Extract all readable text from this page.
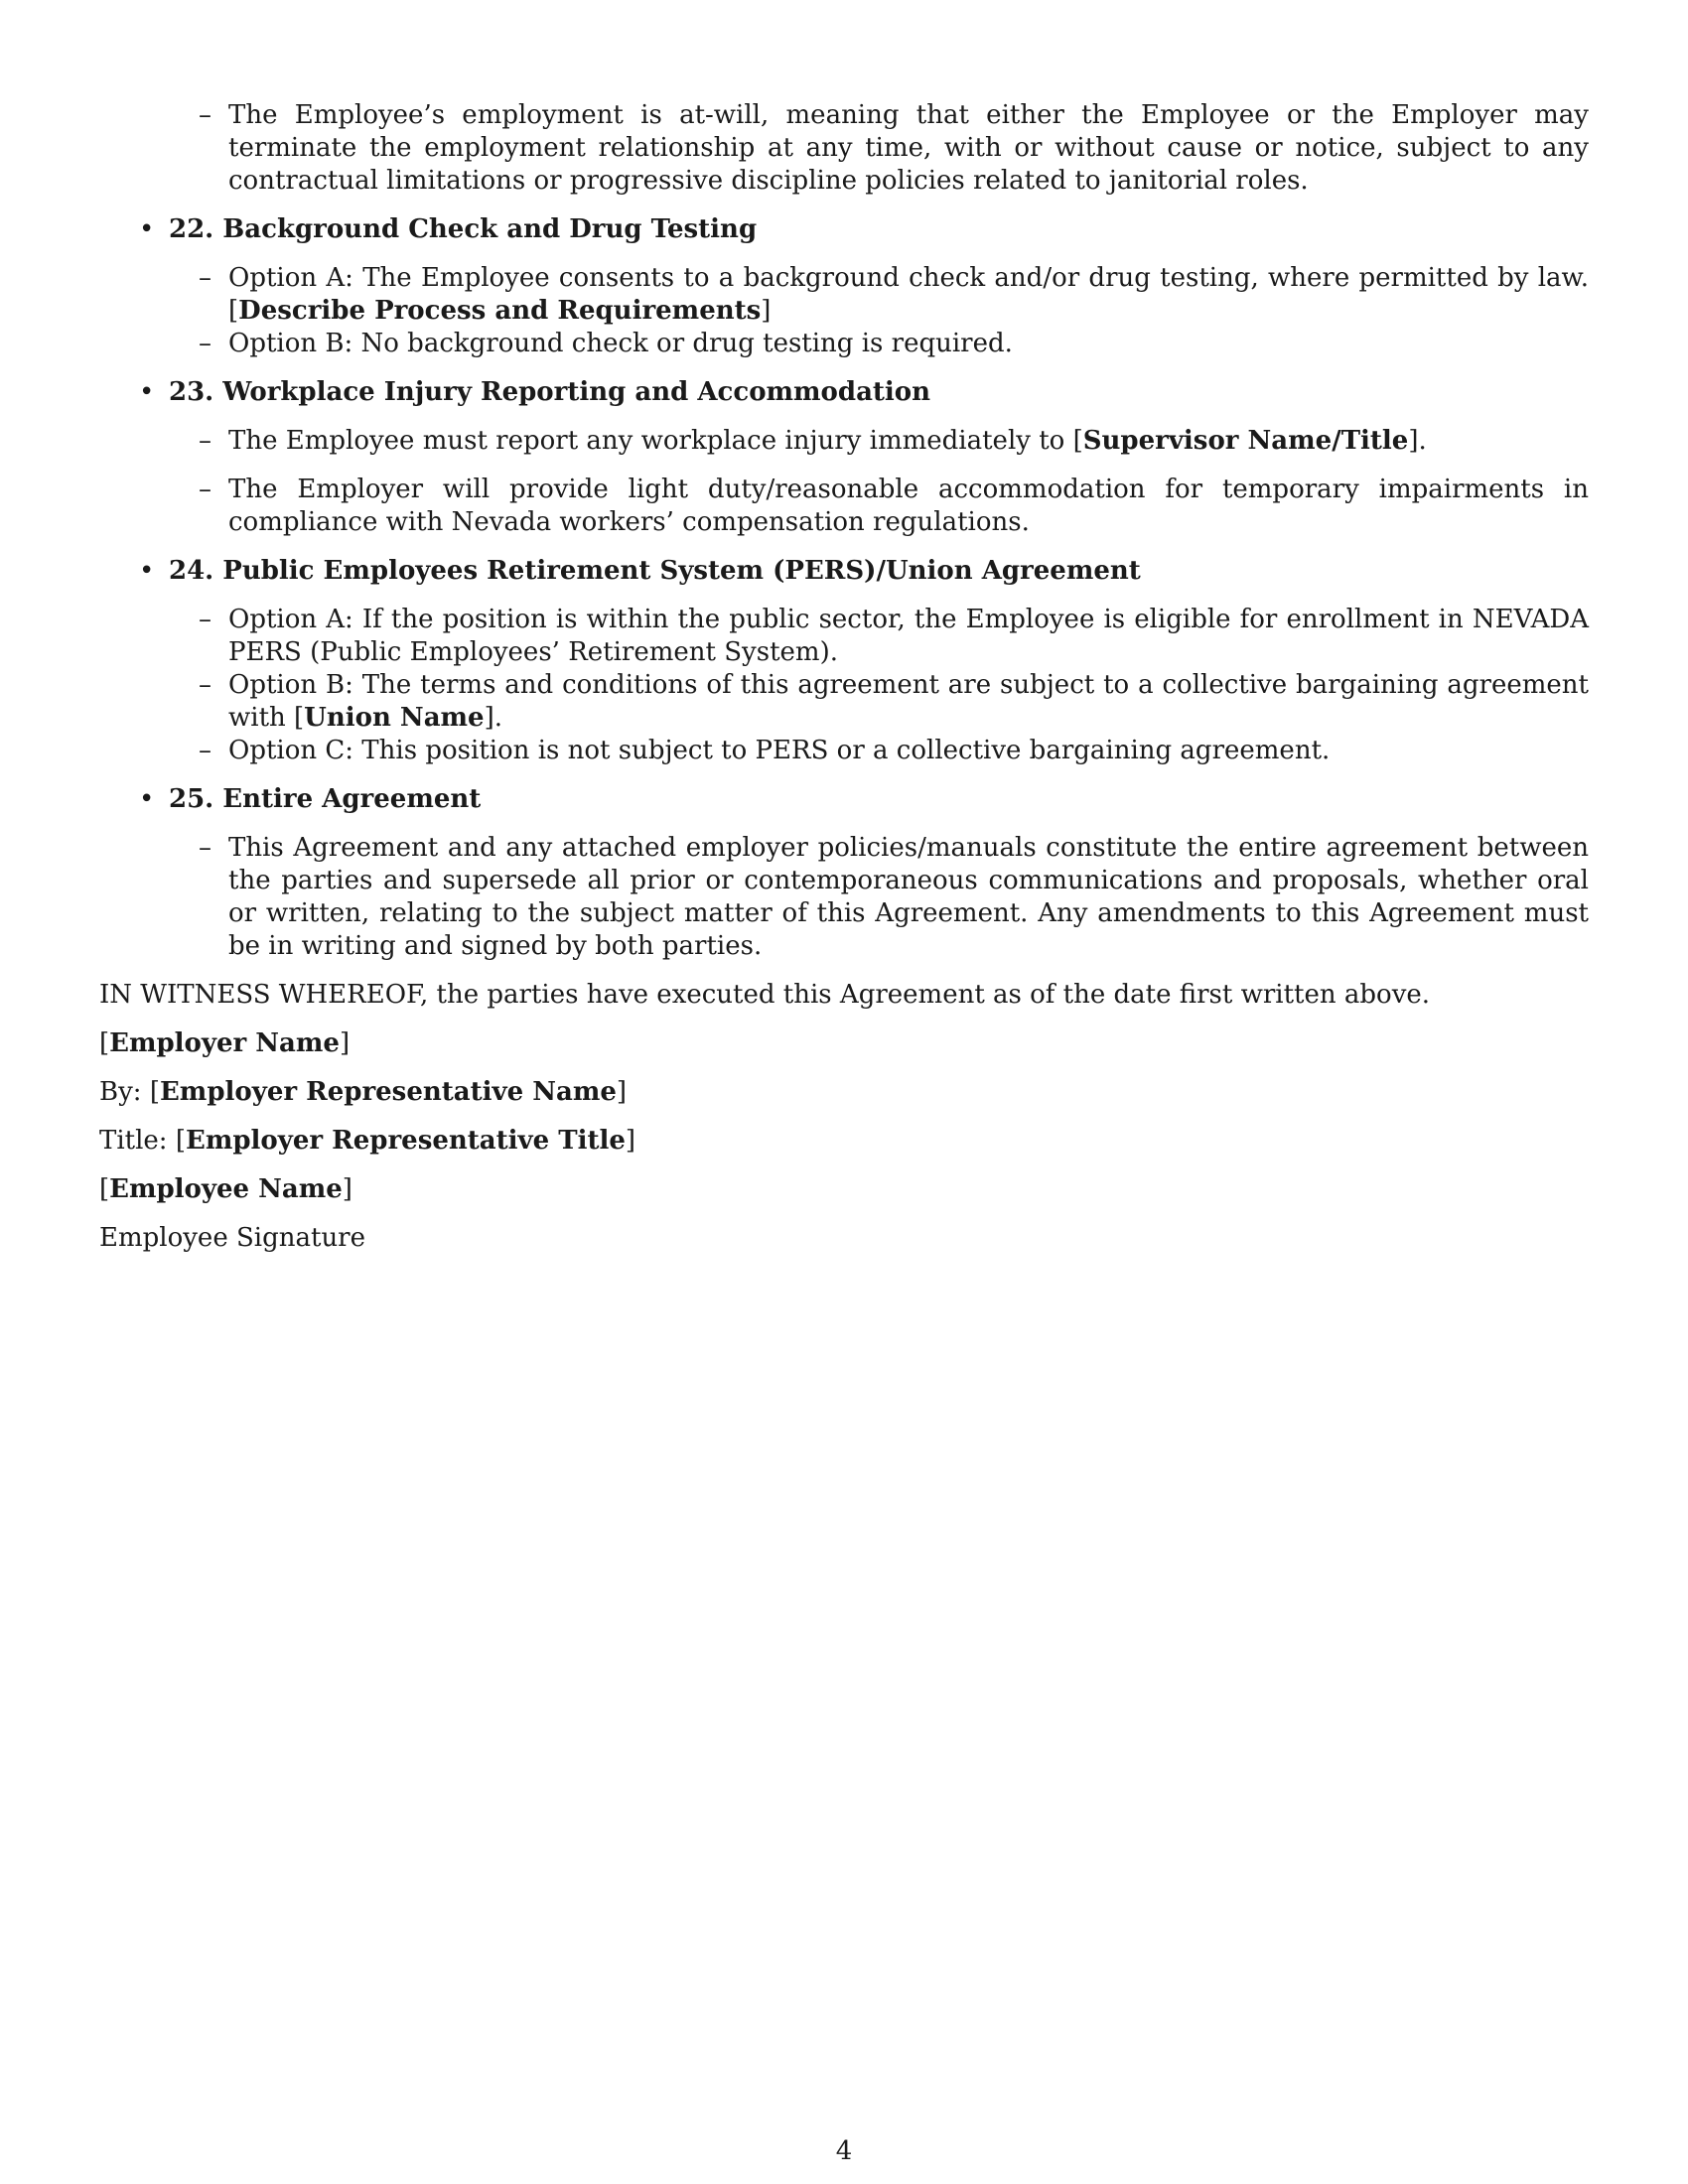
– The Employee’s employment is at-will, meaning that either the Employee or the Employer may terminate the employment relationship at any time, with or without cause or notice, subject to any contractual limitations or progressive discipline policies related to janitorial roles.
• 22. Background Check and Drug Testing
– Option A: The Employee consents to a background check and/or drug testing, where permitted by law. [Describe Process and Requirements]
– Option B: No background check or drug testing is required.
• 23. Workplace Injury Reporting and Accommodation
– The Employee must report any workplace injury immediately to [Supervisor Name/Title].
– The Employer will provide light duty/reasonable accommodation for temporary impairments in compliance with Nevada workers’ compensation regulations.
• 24. Public Employees Retirement System (PERS)/Union Agreement
– Option A: If the position is within the public sector, the Employee is eligible for enrollment in NEVADA PERS (Public Employees’ Retirement System).
– Option B: The terms and conditions of this agreement are subject to a collective bargaining agreement with [Union Name].
– Option C: This position is not subject to PERS or a collective bargaining agreement.
• 25. Entire Agreement
– This Agreement and any attached employer policies/manuals constitute the entire agreement between the parties and supersede all prior or contemporaneous communications and proposals, whether oral or written, relating to the subject matter of this Agreement. Any amendments to this Agreement must be in writing and signed by both parties.
IN WITNESS WHEREOF, the parties have executed this Agreement as of the date first written above.
[Employer Name]
By: [Employer Representative Name]
Title: [Employer Representative Title]
[Employee Name]
Employee Signature
4
